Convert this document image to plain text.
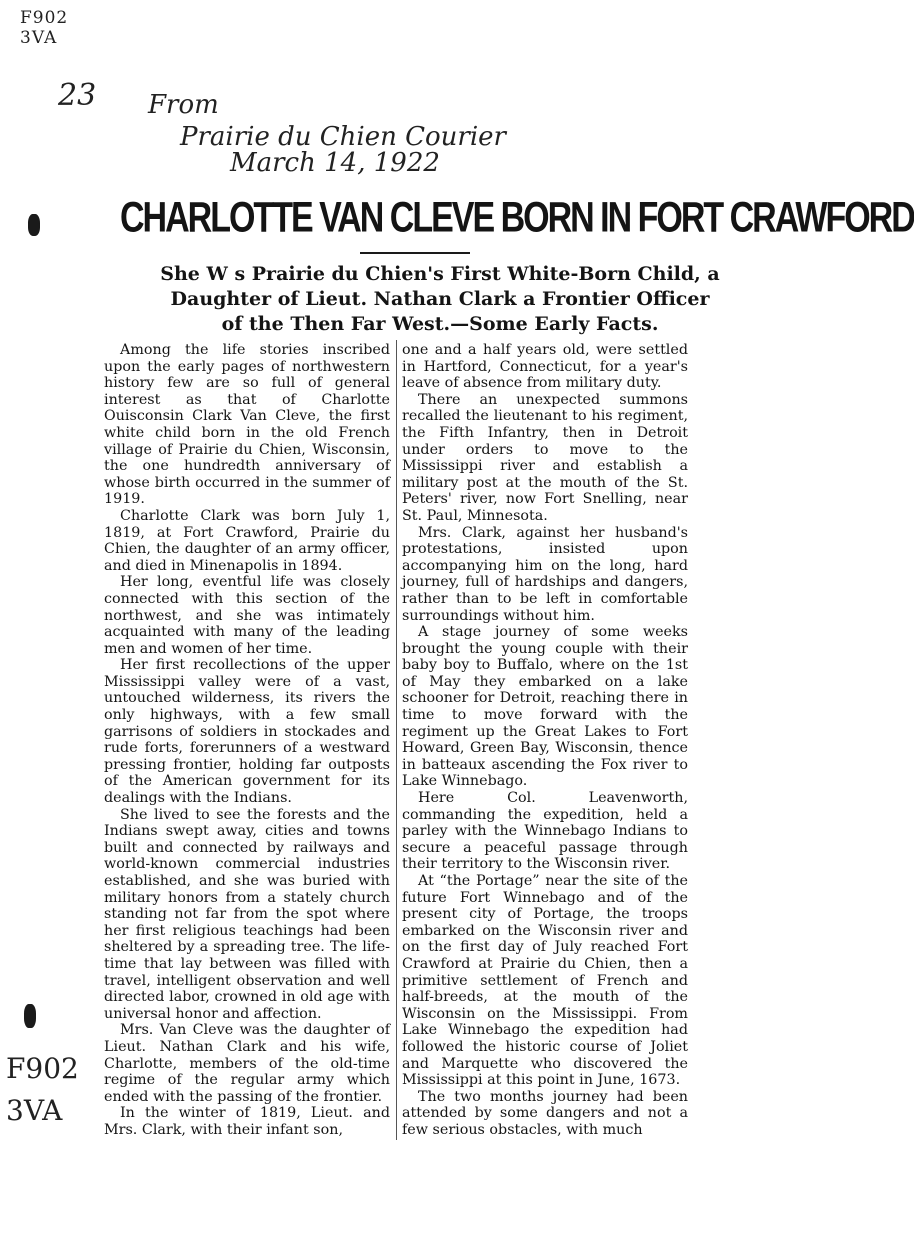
F902
3VA
23 From
Prairie du Chien Courier
March 14, 1922
F902
3VA
CHARLOTTE VAN CLEVE BORN IN FORT CRAWFORD
She W s Prairie du Chien's First White-Born Child, a Daughter of Lieut. Nathan Clark a Frontier Officer of the Then Far West.—Some Early Facts.

Among the life stories inscribed upon the early pages of northwestern history few are so full of general interest as that of Charlotte Ouisconsin Clark Van Cleve, the first white child born in the old French village of Prairie du Chien, Wisconsin, the one hundredth anniversary of whose birth occurred in the summer of 1919.

Charlotte Clark was born July 1, 1819, at Fort Crawford, Prairie du Chien, the daughter of an army officer, and died in Minenapolis in 1894.

Her long, eventful life was closely connected with this section of the northwest, and she was intimately acquainted with many of the leading men and women of her time.

Her first recollections of the upper Mississippi valley were of a vast, untouched wilderness, its rivers the only highways, with a few small garrisons of soldiers in stockades and rude forts, forerunners of a westward pressing frontier, holding far outposts of the American government for its dealings with the Indians.

She lived to see the forests and the Indians swept away, cities and towns built and connected by railways and world-known commercial industries established, and she was buried with military honors from a stately church standing not far from the spot where her first religious teachings had been sheltered by a spreading tree. The life-time that lay between was filled with travel, intelligent observation and well directed labor, crowned in old age with universal honor and affection.

Mrs. Van Cleve was the daughter of Lieut. Nathan Clark and his wife, Charlotte, members of the old-time regime of the regular army which ended with the passing of the frontier.

In the winter of 1819, Lieut. and Mrs. Clark, with their infant son,

one and a half years old, were settled in Hartford, Connecticut, for a year's leave of absence from military duty.

There an unexpected summons recalled the lieutenant to his regiment, the Fifth Infantry, then in Detroit under orders to move to the Mississippi river and establish a military post at the mouth of the St. Peters' river, now Fort Snelling, near St. Paul, Minnesota.

Mrs. Clark, against her husband's protestations, insisted upon accompanying him on the long, hard journey, full of hardships and dangers, rather than to be left in comfortable surroundings without him.

A stage journey of some weeks brought the young couple with their baby boy to Buffalo, where on the 1st of May they embarked on a lake schooner for Detroit, reaching there in time to move forward with the regiment up the Great Lakes to Fort Howard, Green Bay, Wisconsin, thence in batteaux ascending the Fox river to Lake Winnebago.

Here Col. Leavenworth, commanding the expedition, held a parley with the Winnebago Indians to secure a peaceful passage through their territory to the Wisconsin river.

At “the Portage” near the site of the future Fort Winnebago and of the present city of Portage, the troops embarked on the Wisconsin river and on the first day of July reached Fort Crawford at Prairie du Chien, then a primitive settlement of French and half-breeds, at the mouth of the Wisconsin on the Mississippi. From Lake Winnebago the expedition had followed the historic course of Joliet and Marquette who discovered the Mississippi at this point in June, 1673.

The two months journey had been attended by some dangers and not a few serious obstacles, with much
